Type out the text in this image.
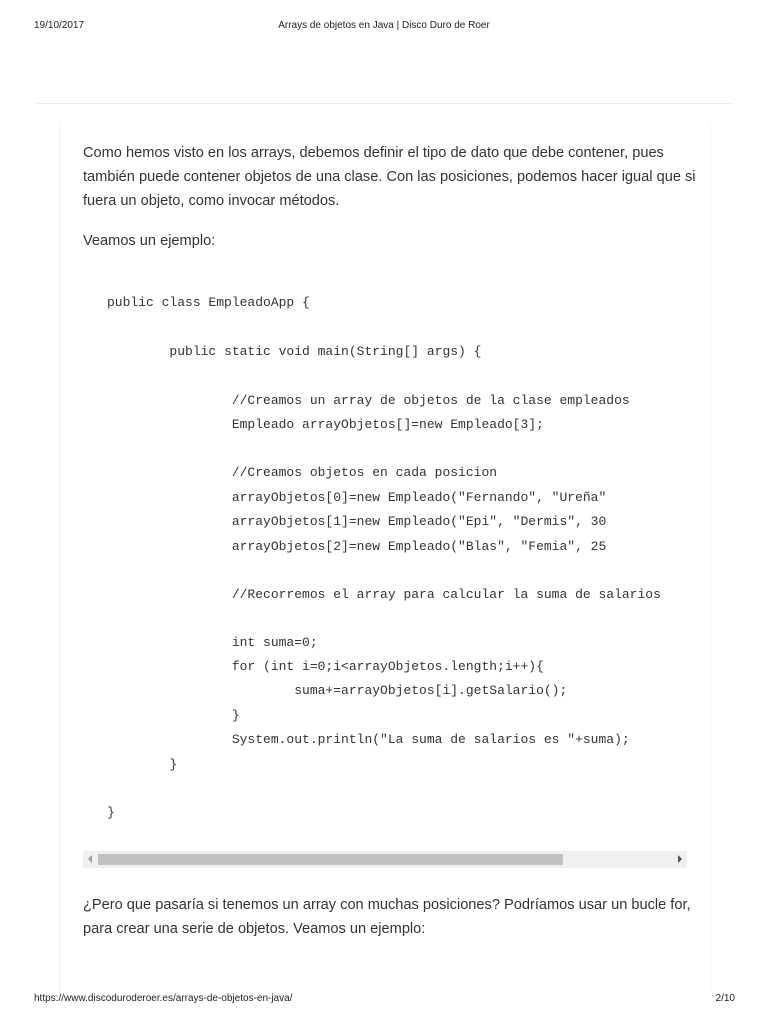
19/10/2017	Arrays de objetos en Java | Disco Duro de Roer
Como hemos visto en los arrays, debemos definir el tipo de dato que debe contener, pues
también puede contener objetos de una clase. Con las posiciones, podemos hacer igual que si
fuera un objeto, como invocar métodos.
Veamos un ejemplo:
public class EmpleadoApp {
public static void main(String[] args) {
//Creamos un array de objetos de la clase empleados
Empleado arrayObjetos[]=new Empleado[3];
//Creamos objetos en cada posicion
arrayObjetos[0]=new Empleado("Fernando", "Ureña"
arrayObjetos[1]=new Empleado("Epi", "Dermis", 30
arrayObjetos[2]=new Empleado("Blas", "Femia", 25
//Recorremos el array para calcular la suma de salarios
int suma=0;
for (int i=0;i<arrayObjetos.length;i++){
suma+=arrayObjetos[i].getSalario();
}
System.out.println("La suma de salarios es "+suma);
}
}
¿Pero que pasaría si tenemos un array con muchas posiciones? Podríamos usar un bucle for,
para crear una serie de objetos. Veamos un ejemplo:
https://www.discoduroderoer.es/arrays-de-objetos-en-java/	2/10
